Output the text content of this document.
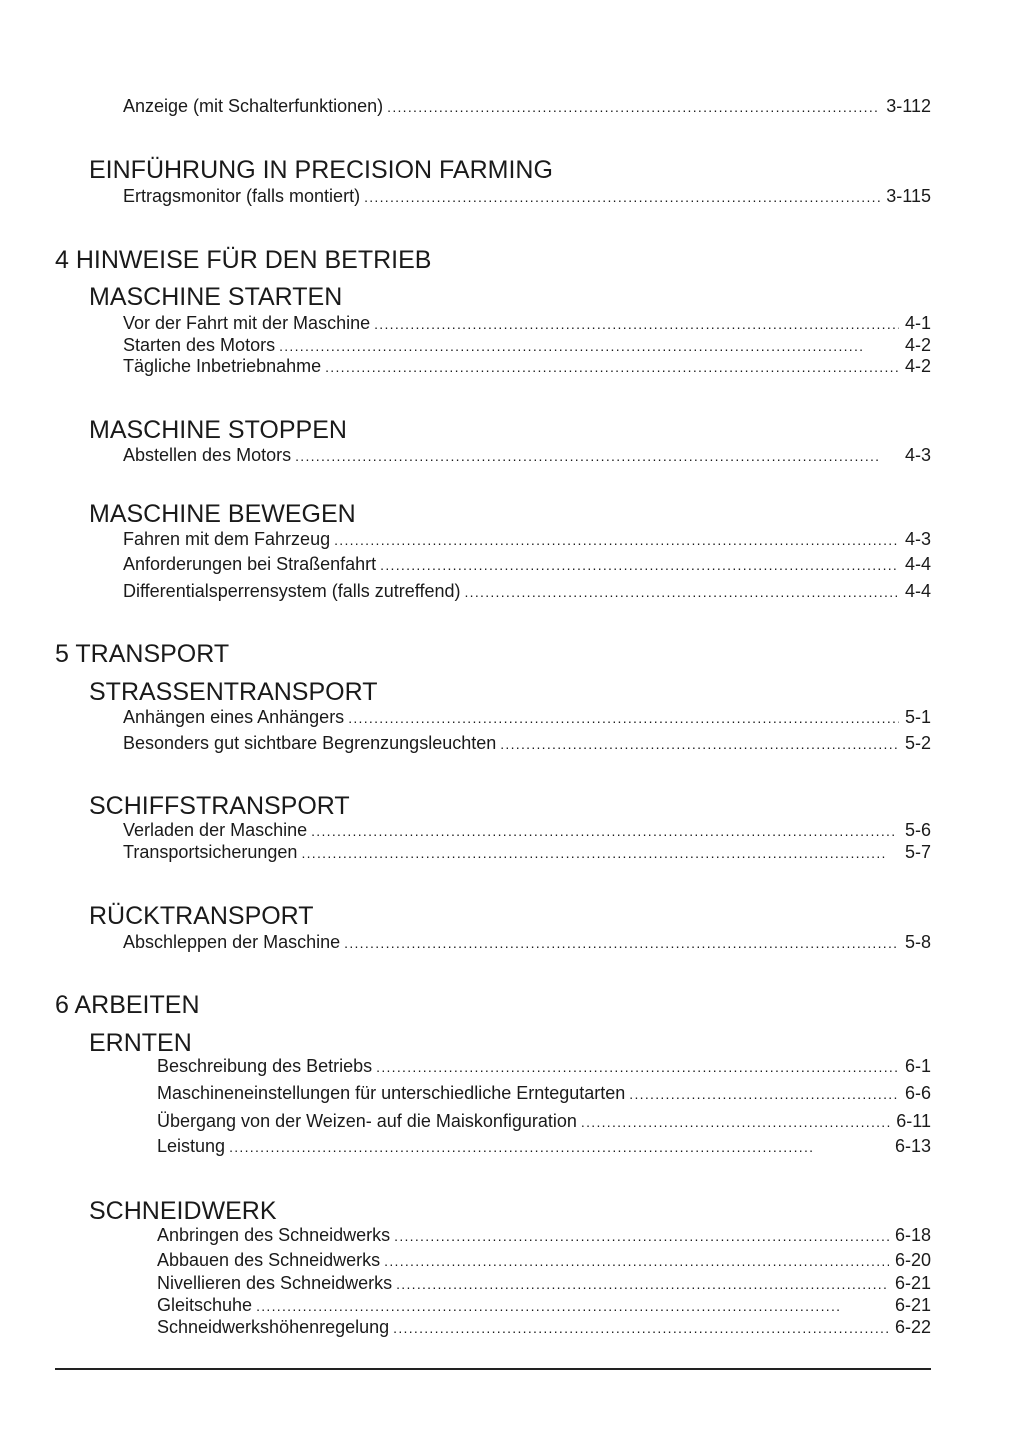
Anzeige (mit Schalterfunktionen) . . .	3-112
EINFÜHRUNG IN PRECISION FARMING
Ertragsmonitor (falls montiert) . . .	3-115
4 HINWEISE FÜR DEN BETRIEB
MASCHINE STARTEN
Vor der Fahrt mit der Maschine . . .	4-1
Starten des Motors . . .	4-2
Tägliche Inbetriebnahme . . .	4-2
MASCHINE STOPPEN
Abstellen des Motors . . .	4-3
MASCHINE BEWEGEN
Fahren mit dem Fahrzeug . . .	4-3
Anforderungen bei Straßenfahrt . . .	4-4
Differentialsperrensystem (falls zutreffend) . . .	4-4
5 TRANSPORT
STRASSENTRANSPORT
Anhängen eines Anhängers . . .	5-1
Besonders gut sichtbare Begrenzungsleuchten . . .	5-2
SCHIFFSTRANSPORT
Verladen der Maschine . . .	5-6
Transportsicherungen . . .	5-7
RÜCKTRANSPORT
Abschleppen der Maschine . . .	5-8
6 ARBEITEN
ERNTEN
Beschreibung des Betriebs . . .	6-1
Maschineneinstellungen für unterschiedliche Erntegutarten . . .	6-6
Übergang von der Weizen- auf die Maiskonfiguration . . .	6-11
Leistung . . .	6-13
SCHNEIDWERK
Anbringen des Schneidwerks . . .	6-18
Abbauen des Schneidwerks . . .	6-20
Nivellieren des Schneidwerks . . .	6-21
Gleitschuhe . . .	6-21
Schneidwerkshöhenregelung . . .	6-22
